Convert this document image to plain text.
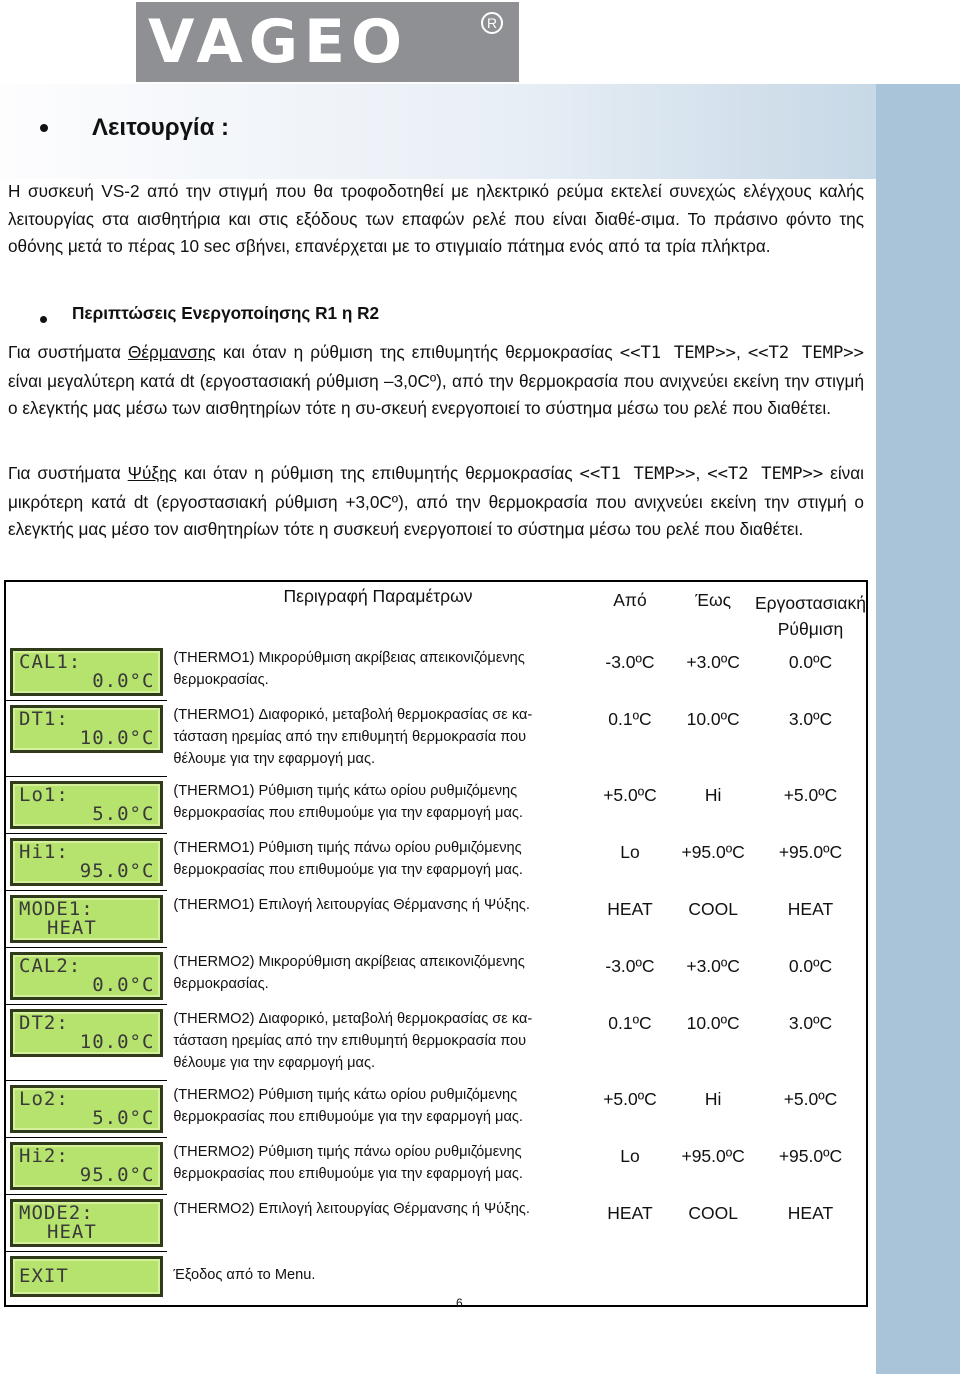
VAGEO	R
Λειτουργία :
Η συσκευή VS-2 από την στιγμή που θα τροφοδοτηθεί με ηλεκτρικό ρεύμα εκτελεί συνεχώς ελέγχους καλής λειτουργίας στα αισθητήρια και στις εξόδους των επαφών ρελέ που είναι διαθέ-σιμα. Το πράσινο φόντο της οθόνης μετά το πέρας 10 sec σβήνει, επανέρχεται με το στιγμιαίο πάτημα ενός από τα τρία πλήκτρα.
Περιπτώσεις Ενεργοποίησης R1 η R2
Για συστήματα Θέρμανσης και όταν η ρύθμιση της επιθυμητής θερμοκρασίας <<T1 TEMP>>, <<T2 TEMP>> είναι μεγαλύτερη κατά dt (εργοστασιακή ρύθμιση –3,0Cº), από την θερμοκρασία που ανιχνεύει εκείνη την στιγμή ο ελεγκτής μας μέσω των αισθητηρίων τότε η συ-σκευή ενεργοποιεί το σύστημα μέσω του ρελέ που διαθέτει.
Για συστήματα Ψύξης και όταν η ρύθμιση της επιθυμητής θερμοκρασίας <<T1 TEMP>>, <<T2 TEMP>> είναι μικρότερη κατά dt (εργοστασιακή ρύθμιση +3,0Cº), από την θερμοκρασία που ανιχνεύει εκείνη την στιγμή ο ελεγκτής μας μέσο τον αισθητηρίων τότε η συσκευή ενεργοποιεί το σύστημα μέσω του ρελέ που διαθέτει.
	Περιγραφή Παραμέτρων	Από	Έως	Εργοστασιακή Ρύθμιση

CAL1:
0.0°C	(THERMO1) Μικρορύθμιση ακρίβειας απεικονιζόμενης θερμοκρασίας.	-3.0ºC	+3.0ºC	0.0ºC

DT1:
10.0°C	(THERMO1) Διαφορικό, μεταβολή θερμοκρασίας σε κα-τάσταση ηρεμίας από την επιθυμητή θερμοκρασία που θέλουμε για την εφαρμογή μας.	0.1ºC	10.0ºC	3.0ºC

Lo1:
5.0°C	(THERMO1) Ρύθμιση τιμής κάτω ορίου ρυθμιζόμενης θερμοκρασίας που επιθυμούμε για την εφαρμογή μας.	+5.0ºC	Hi	+5.0ºC

Hi1:
95.0°C	(THERMO1) Ρύθμιση τιμής πάνω ορίου ρυθμιζόμενης θερμοκρασίας που επιθυμούμε για την εφαρμογή μας.	Lo	+95.0ºC	+95.0ºC

MODE1:
HEAT	(THERMO1) Επιλογή λειτουργίας Θέρμανσης ή Ψύξης.	HEAT	COOL	HEAT

CAL2:
0.0°C	(THERMO2) Μικρορύθμιση ακρίβειας απεικονιζόμενης θερμοκρασίας.	-3.0ºC	+3.0ºC	0.0ºC

DT2:
10.0°C	(THERMO2) Διαφορικό, μεταβολή θερμοκρασίας σε κα-τάσταση ηρεμίας από την επιθυμητή θερμοκρασία που θέλουμε για την εφαρμογή μας.	0.1ºC	10.0ºC	3.0ºC

Lo2:
5.0°C	(THERMO2) Ρύθμιση τιμής κάτω ορίου ρυθμιζόμενης θερμοκρασίας που επιθυμούμε για την εφαρμογή μας.	+5.0ºC	Hi	+5.0ºC

Hi2:
95.0°C	(THERMO2) Ρύθμιση τιμής πάνω ορίου ρυθμιζόμενης θερμοκρασίας που επιθυμούμε για την εφαρμογή μας.	Lo	+95.0ºC	+95.0ºC

MODE2:
HEAT	(THERMO2) Επιλογή λειτουργίας Θέρμανσης ή Ψύξης.	HEAT	COOL	HEAT

EXIT	Έξοδος από το Menu.			
6
